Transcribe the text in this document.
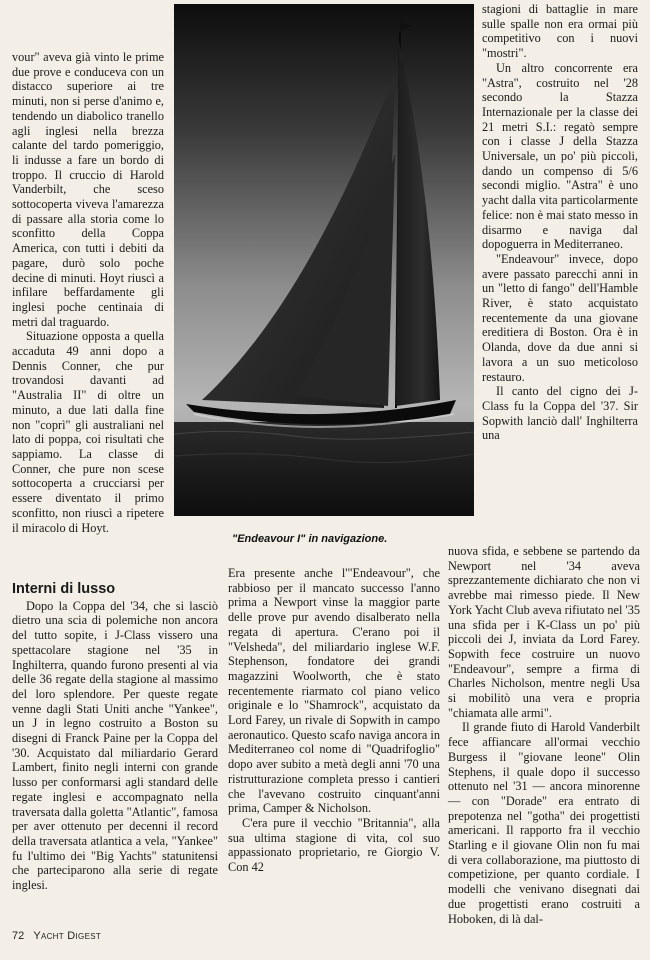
"Endeavour I" in navigazione.

vour" aveva già vinto le prime due prove e conduceva con un distacco superiore ai tre minuti, non si perse d'animo e, tendendo un diabolico tranello agli inglesi nella brezza calante del tardo pomeriggio, li indusse a fare un bordo di troppo. Il cruccio di Harold Vanderbilt, che sceso sottocoperta viveva l'amarezza di passare alla storia come lo sconfitto della Coppa America, con tutti i debiti da pagare, durò solo poche decine di minuti. Hoyt riuscì a infilare beffardamente gli inglesi poche centinaia di metri dal traguardo.

Situazione opposta a quella accaduta 49 anni dopo a Dennis Conner, che pur trovandosi davanti ad "Australia II" di oltre un minuto, a due lati dalla fine non "coprì" gli australiani nel lato di poppa, coi risultati che sappiamo. La classe di Conner, che pure non scese sottocoperta a crucciarsi per essere diventato il primo sconfitto, non riuscì a ripetere il miracolo di Hoyt.

stagioni di battaglie in mare sulle spalle non era ormai più competitivo con i nuovi "mostri".

Un altro concorrente era "Astra", costruito nel '28 secondo la Stazza Internazionale per la classe dei 21 metri S.I.: regatò sempre con i classe J della Stazza Universale, un po' più piccoli, dando un compenso di 5/6 secondi miglio. "Astra" è uno yacht dalla vita particolarmente felice: non è mai stato messo in disarmo e naviga dal dopoguerra in Mediterraneo.

"Endeavour" invece, dopo avere passato parecchi anni in un "letto di fango" dell'Hamble River, è stato acquistato recentemente da una giovane ereditiera di Boston. Ora è in Olanda, dove da due anni si lavora a un suo meticoloso restauro.

Il canto del cigno dei J-Class fu la Coppa del '37. Sir Sopwith lanciò dall' Inghilterra una

Interni di lusso

Dopo la Coppa del '34, che si lasciò dietro una scia di polemiche non ancora del tutto sopite, i J-Class vissero una spettacolare stagione nel '35 in Inghilterra, quando furono presenti al via delle 36 regate della stagione al massimo del loro splendore. Per queste regate venne dagli Stati Uniti anche "Yankee", un J in legno costruito a Boston su disegni di Franck Paine per la Coppa del '30. Acquistato dal miliardario Gerard Lambert, finito negli interni con grande lusso per conformarsi agli standard delle regate inglesi e accompagnato nella traversata dalla goletta "Atlantic", famosa per aver ottenuto per decenni il record della traversata atlantica a vela, "Yankee" fu l'ultimo dei "Big Yachts" statunitensi che parteciparono alla serie di regate inglesi.

Era presente anche l'"Endeavour", che rabbioso per il mancato successo l'anno prima a Newport vinse la maggior parte delle prove pur avendo disalberato nella regata di apertura. C'erano poi il "Velsheda", del miliardario inglese W.F. Stephenson, fondatore dei grandi magazzini Woolworth, che è stato recentemente riarmato col piano velico originale e lo "Shamrock", acquistato da Lord Farey, un rivale di Sopwith in campo aeronautico. Questo scafo naviga ancora in Mediterraneo col nome di "Quadrifoglio" dopo aver subito a metà degli anni '70 una ristrutturazione completa presso i cantieri che l'avevano costruito cinquant'anni prima, Camper & Nicholson.

C'era pure il vecchio "Britannia", alla sua ultima stagione di vita, col suo appassionato proprietario, re Giorgio V. Con 42

nuova sfida, e sebbene se partendo da Newport nel '34 aveva sprezzantemente dichiarato che non vi avrebbe mai rimesso piede. Il New York Yacht Club aveva rifiutato nel '35 una sfida per i K-Class un po' più piccoli dei J, inviata da Lord Farey. Sopwith fece costruire un nuovo "Endeavour", sempre a firma di Charles Nicholson, mentre negli Usa si mobilitò una vera e propria "chiamata alle armi".

Il grande fiuto di Harold Vanderbilt fece affiancare all'ormai vecchio Burgess il "giovane leone" Olin Stephens, il quale dopo il successo ottenuto nel '31 — ancora minorenne — con "Dorade" era entrato di prepotenza nel "gotha" dei progettisti americani. Il rapporto fra il vecchio Starling e il giovane Olin non fu mai di vera collaborazione, ma piuttosto di competizione, per quanto cordiale. I modelli che venivano disegnati dai due progettisti erano costruiti a Hoboken, di là dal-

72 Yacht Digest
